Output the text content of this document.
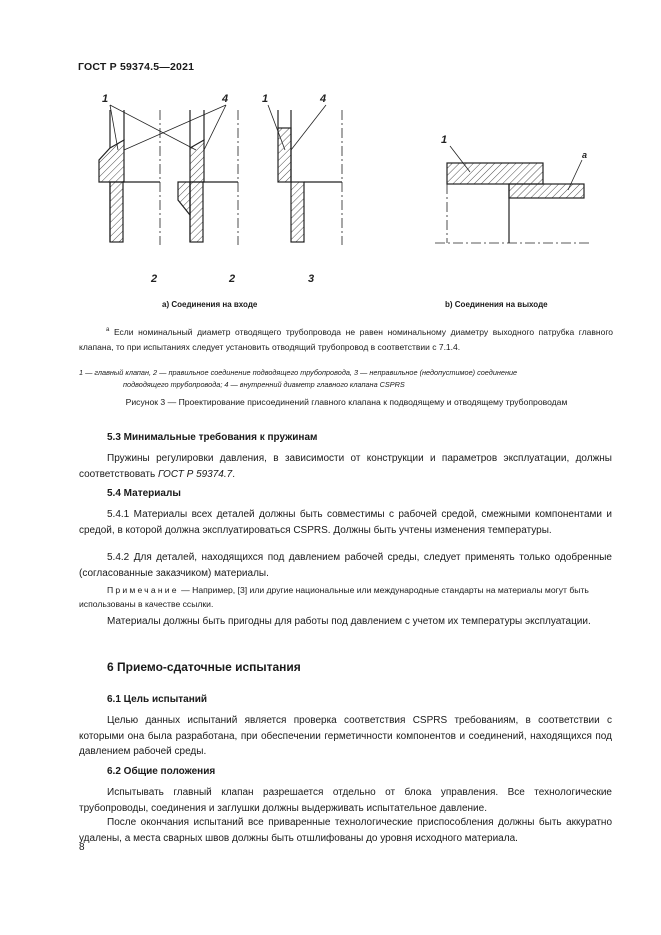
ГОСТ Р 59374.5—2021
1	4	1	4
2	2	3
1
a
a) Соединения на входе	b) Соединения на выходе
$^a$ Если номинальный диаметр отводящего трубопровода не равен номинальному диаметру выходного патрубка главного клапана, то при испытаниях следует установить отводящий трубопровод в соответствии с 7.1.4.
1 — главный клапан, 2 — правильное соединение подводящего трубопровода, 3 — неправильное (недопустимое) соединение
подводящего трубопровода; 4 — внутренний диаметр главного клапана CSPRS
Рисунок 3 — Проектирование присоединений главного клапана к подводящему и отводящему трубопроводам
5.3 Минимальные требования к пружинам
Пружины регулировки давления, в зависимости от конструкции и параметров эксплуатации, должны соответствовать ГОСТ Р 59374.7.
5.4 Материалы
5.4.1 Материалы всех деталей должны быть совместимы с рабочей средой, смежными компонентами и средой, в которой должна эксплуатироваться CSPRS. Должны быть учтены изменения температуры.
5.4.2 Для деталей, находящихся под давлением рабочей среды, следует применять только одобренные (согласованные заказчиком) материалы.
Примечание — Например, [3] или другие национальные или международные стандарты на материалы могут быть использованы в качестве ссылки.
Материалы должны быть пригодны для работы под давлением с учетом их температуры эксплуатации.
6 Приемо-сдаточные испытания
6.1 Цель испытаний
Целью данных испытаний является проверка соответствия CSPRS требованиям, в соответствии с которыми она была разработана, при обеспечении герметичности компонентов и соединений, находящихся под давлением рабочей среды.
6.2 Общие положения
Испытывать главный клапан разрешается отдельно от блока управления. Все технологические трубопроводы, соединения и заглушки должны выдерживать испытательное давление.
После окончания испытаний все приваренные технологические приспособления должны быть аккуратно удалены, а места сварных швов должны быть отшлифованы до уровня исходного материала.
8
